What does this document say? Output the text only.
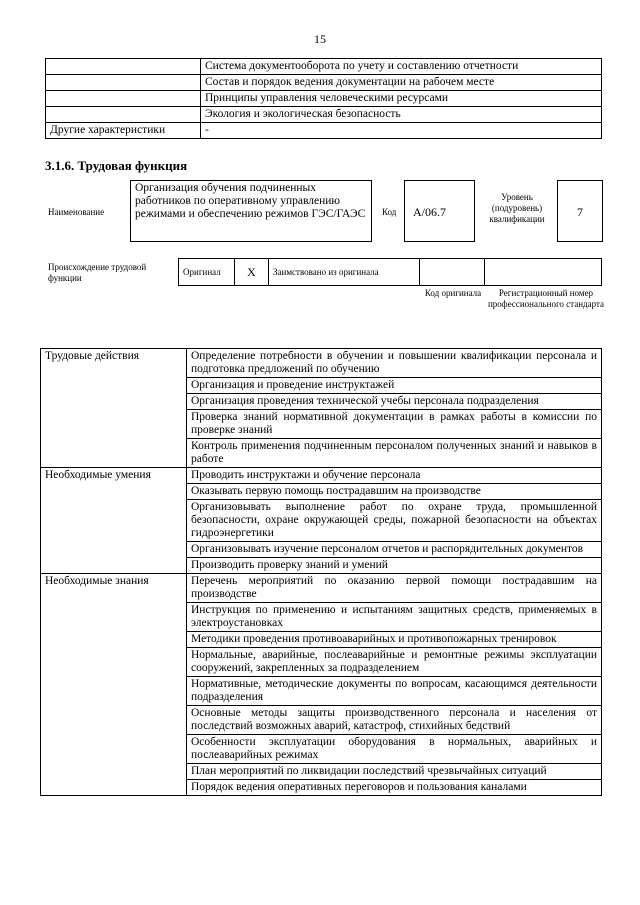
15
	Система документооборота по учету и составлению отчетности
	Состав и порядок ведения документации на рабочем месте
	Принципы управления человеческими ресурсами
	Экология и экологическая безопасность
Другие характеристики	-
3.1.6. Трудовая функция
Наименование
Организация обучения подчиненных работников по оперативному управлению режимами и обеспечению режимов ГЭС/ГАЭС	Код	А/06.7
Уровень (подуровень) квалификации	7
Происхождение трудовой функции
Оригинал	X	Заимствовано из оригинала		
Код оригинала	Регистрационный номер профессионального стандарта
Трудовые действия	Определение потребности в обучении и повышении квалификации персонала и подготовка предложений по обучению
	Организация и проведение инструктажей
	Организация проведения технической учебы персонала подразделения
	Проверка знаний нормативной документации в рамках работы в комиссии по проверке знаний
	Контроль применения подчиненным персоналом полученных знаний и навыков в работе
Необходимые умения	Проводить инструктажи и обучение персонала
	Оказывать первую помощь пострадавшим на производстве
	Организовывать выполнение работ по охране труда, промышленной безопасности, охране окружающей среды, пожарной безопасности на объектах гидроэнергетики
	Организовывать изучение персоналом отчетов и распорядительных документов
	Производить проверку знаний и умений
Необходимые знания	Перечень мероприятий по оказанию первой помощи пострадавшим на производстве
	Инструкция по применению и испытаниям защитных средств, применяемых в электроустановках
	Методики проведения противоаварийных и противопожарных тренировок
	Нормальные, аварийные, послеаварийные и ремонтные режимы эксплуатации сооружений, закрепленных за подразделением
	Нормативные, методические документы по вопросам, касающимся деятельности подразделения
	Основные методы защиты производственного персонала и населения от последствий возможных аварий, катастроф, стихийных бедствий
	Особенности эксплуатации оборудования в нормальных, аварийных и послеаварийных режимах
	План мероприятий по ликвидации последствий чрезвычайных ситуаций
	Порядок ведения оперативных переговоров и пользования каналами
